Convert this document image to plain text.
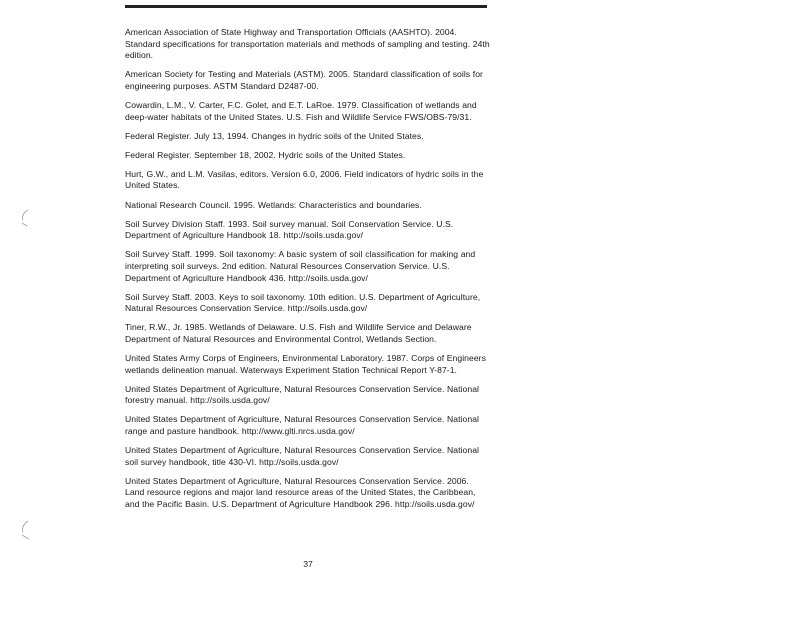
American Association of State Highway and Transportation Officials (AASHTO). 2004. Standard specifications for transportation materials and methods of sampling and testing. 24th edition.
American Society for Testing and Materials (ASTM). 2005. Standard classification of soils for engineering purposes. ASTM Standard D2487-00.
Cowardin, L.M., V. Carter, F.C. Golet, and E.T. LaRoe. 1979. Classification of wetlands and deep-water habitats of the United States. U.S. Fish and Wildlife Service FWS/OBS-79/31.
Federal Register. July 13, 1994. Changes in hydric soils of the United States.
Federal Register. September 18, 2002. Hydric soils of the United States.
Hurt, G.W., and L.M. Vasilas, editors. Version 6.0, 2006. Field indicators of hydric soils in the United States.
National Research Council. 1995. Wetlands: Characteristics and boundaries.
Soil Survey Division Staff. 1993. Soil survey manual. Soil Conservation Service. U.S. Department of Agriculture Handbook 18. http://soils.usda.gov/
Soil Survey Staff. 1999. Soil taxonomy: A basic system of soil classification for making and interpreting soil surveys. 2nd edition. Natural Resources Conservation Service. U.S. Department of Agriculture Handbook 436. http://soils.usda.gov/
Soil Survey Staff. 2003. Keys to soil taxonomy. 10th edition. U.S. Department of Agriculture, Natural Resources Conservation Service. http://soils.usda.gov/
Tiner, R.W., Jr. 1985. Wetlands of Delaware. U.S. Fish and Wildlife Service and Delaware Department of Natural Resources and Environmental Control, Wetlands Section.
United States Army Corps of Engineers, Environmental Laboratory. 1987. Corps of Engineers wetlands delineation manual. Waterways Experiment Station Technical Report Y-87-1.
United States Department of Agriculture, Natural Resources Conservation Service. National forestry manual. http://soils.usda.gov/
United States Department of Agriculture, Natural Resources Conservation Service. National range and pasture handbook. http://www.glti.nrcs.usda.gov/
United States Department of Agriculture, Natural Resources Conservation Service. National soil survey handbook, title 430-VI. http://soils.usda.gov/
United States Department of Agriculture, Natural Resources Conservation Service. 2006. Land resource regions and major land resource areas of the United States, the Caribbean, and the Pacific Basin. U.S. Department of Agriculture Handbook 296. http://soils.usda.gov/
37
